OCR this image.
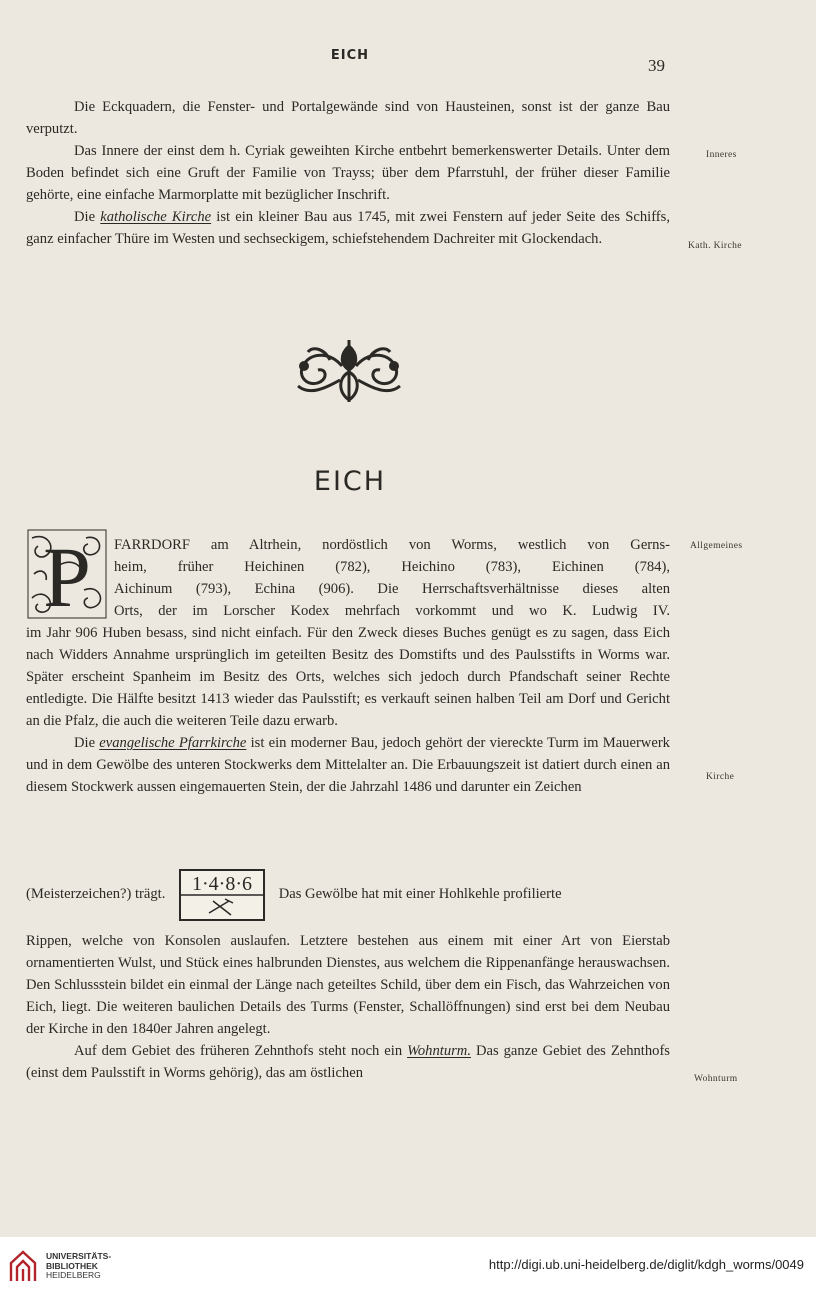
EICH
39

Die Eckquadern, die Fenster- und Portalgewände sind von Hausteinen, sonst ist der ganze Bau verputzt.

Das Innere der einst dem h. Cyriak geweihten Kirche entbehrt bemerkenswerter Details. Unter dem Boden befindet sich eine Gruft der Familie von Trayss; über dem Pfarrstuhl, der früher dieser Familie gehörte, eine einfache Marmorplatte mit bezüglicher Inschrift.

Die katholische Kirche ist ein kleiner Bau aus 1745, mit zwei Fenstern auf jeder Seite des Schiffs, ganz einfacher Thüre im Westen und sechseckigem, schiefstehendem Dachreiter mit Glockendach.

Inneres
Kath. Kirche
EICH
P FARRDORF am Altrhein, nordöstlich von Worms, westlich von Gerns-
heim, früher Heichinen (782), Heichino (783), Eichinen (784),
Aichinum (793), Echina (906). Die Herrschaftsverhältnisse dieses alten
Orts, der im Lorscher Kodex mehrfach vorkommt und wo K. Ludwig IV.
Allgemeines

im Jahr 906 Huben besass, sind nicht einfach. Für den Zweck dieses Buches genügt es zu sagen, dass Eich nach Widders Annahme ursprünglich im geteilten Besitz des Domstifts und des Paulsstifts in Worms war. Später erscheint Spanheim im Besitz des Orts, welches sich jedoch durch Pfandschaft seiner Rechte entledigte. Die Hälfte besitzt 1413 wieder das Paulsstift; es verkauft seinen halben Teil am Dorf und Gericht an die Pfalz, die auch die weiteren Teile dazu erwarb.

Die evangelische Pfarrkirche ist ein moderner Bau, jedoch gehört der viereckte Turm im Mauerwerk und in dem Gewölbe des unteren Stockwerks dem Mittelalter an. Die Erbauungszeit ist datiert durch einen an diesem Stockwerk aussen eingemauerten Stein, der die Jahrzahl 1486 und darunter ein Zeichen

Kirche
(Meisterzeichen?) trägt. 1·4·8·6 Das Gewölbe hat mit einer Hohlkehle profilierte

Rippen, welche von Konsolen auslaufen. Letztere bestehen aus einem mit einer Art von Eierstab ornamentierten Wulst, und Stück eines halbrunden Dienstes, aus welchem die Rippenanfänge herauswachsen. Den Schlussstein bildet ein einmal der Länge nach geteiltes Schild, über dem ein Fisch, das Wahrzeichen von Eich, liegt. Die weiteren baulichen Details des Turms (Fenster, Schallöffnungen) sind erst bei dem Neubau der Kirche in den 1840er Jahren angelegt.

Auf dem Gebiet des früheren Zehnthofs steht noch ein Wohnturm. Das ganze Gebiet des Zehnthofs (einst dem Paulsstift in Worms gehörig), das am östlichen	Wohnturm
UNIVERSITÄTS-
BIBLIOTHEK
HEIDELBERG
http://digi.ub.uni-heidelberg.de/diglit/kdgh_worms/0049
